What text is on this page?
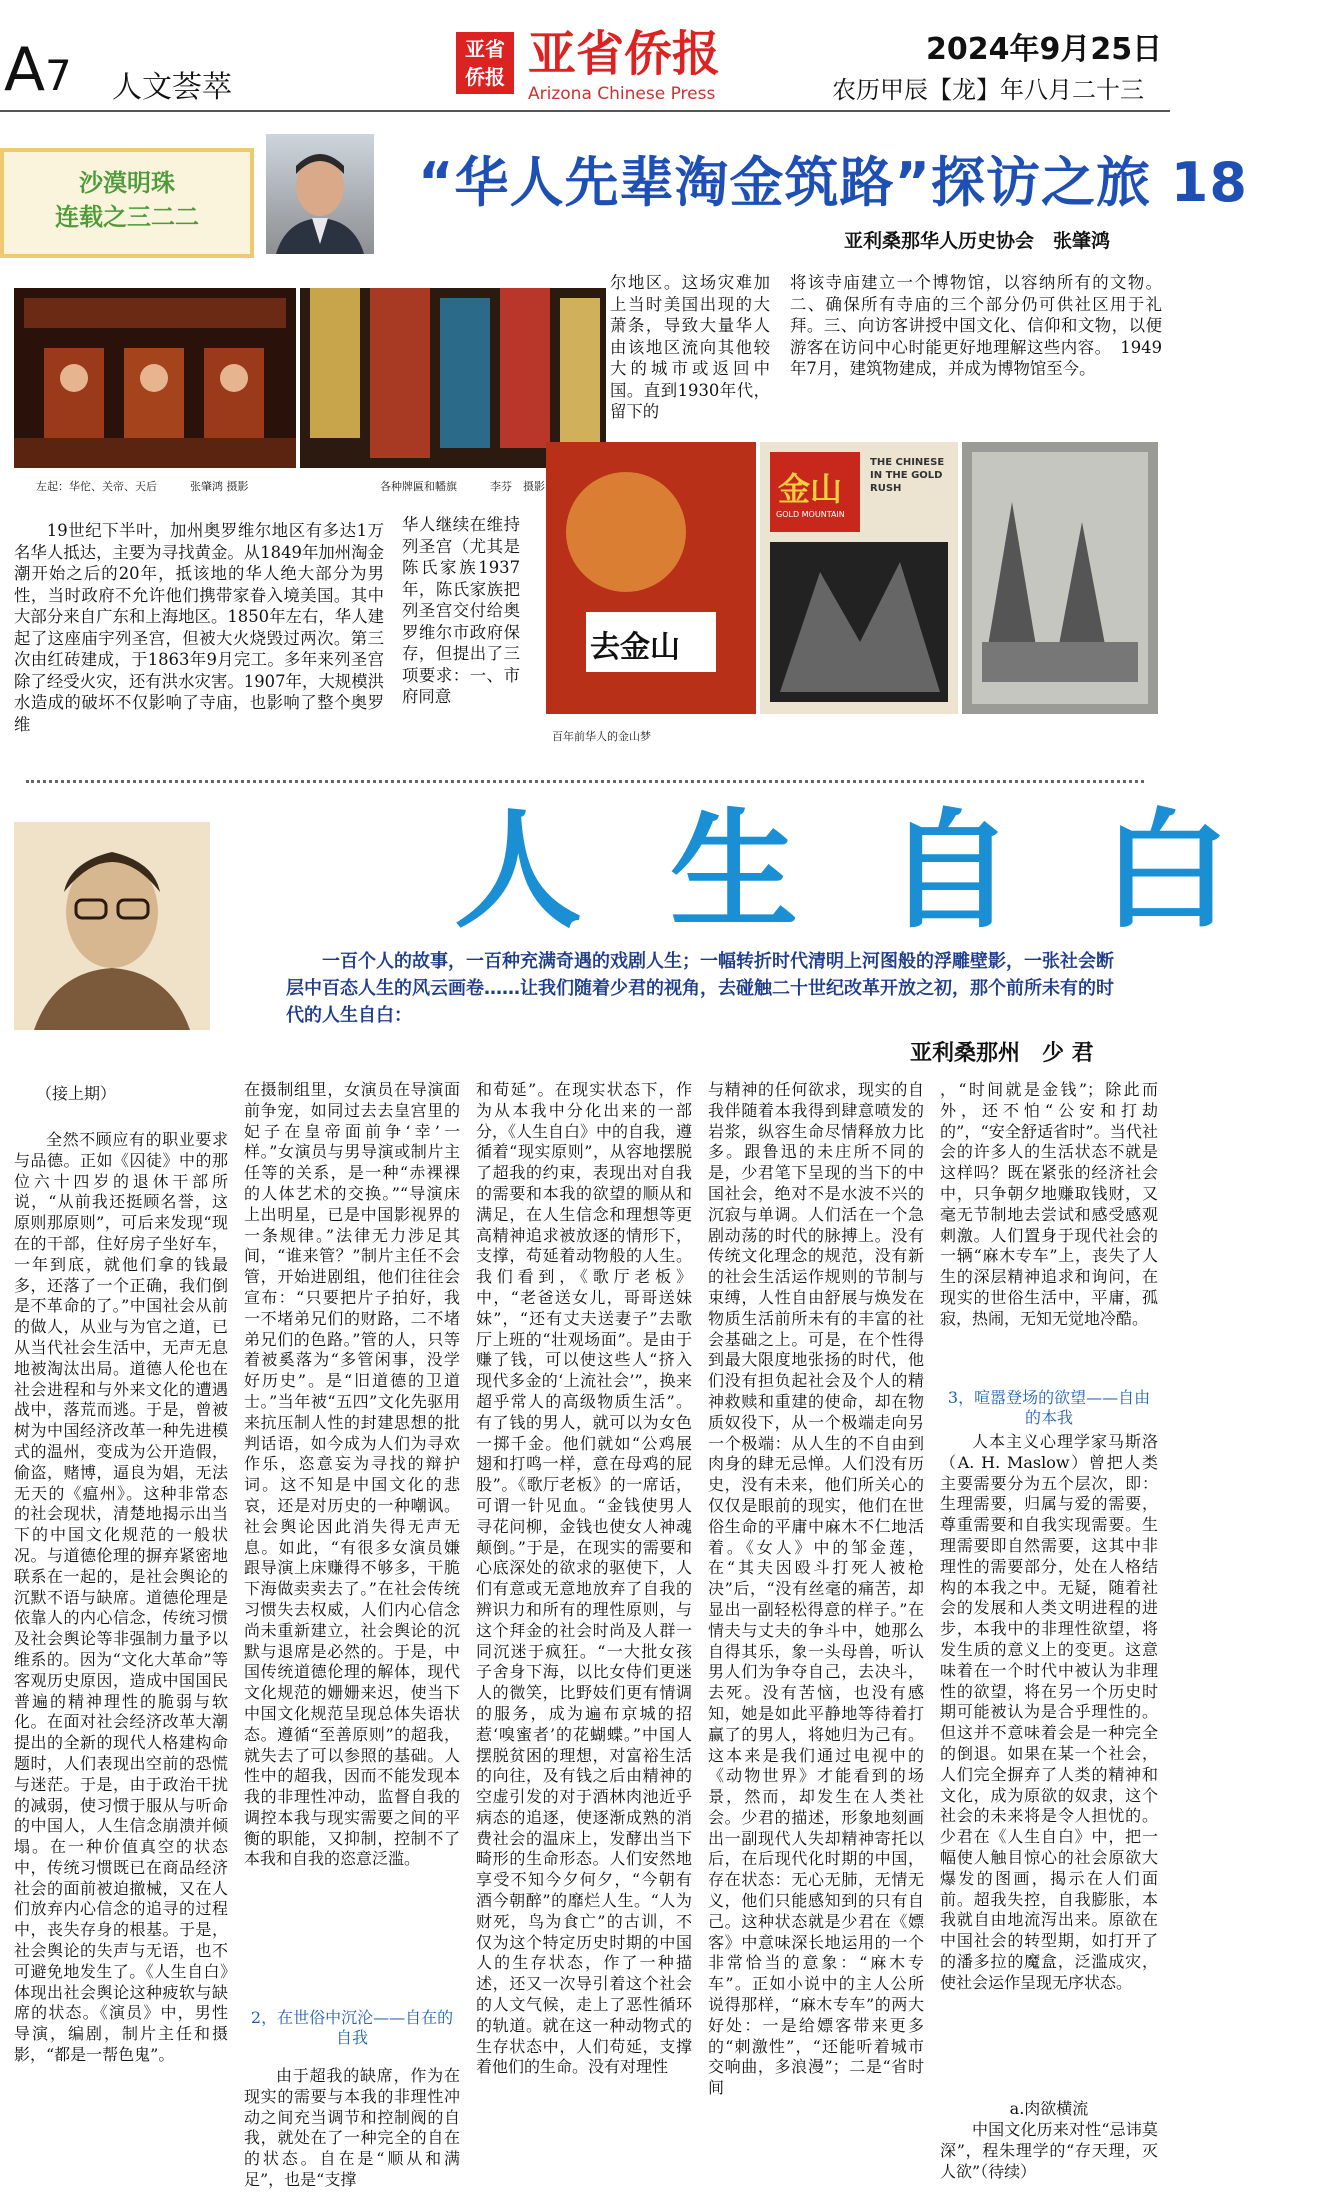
A7 人文荟萃
亚省
侨报 亚省侨报
Arizona Chinese Press
2024年9月25日
农历甲辰【龙】年八月二十三
沙漠明珠
连载之三二二
“华人先辈淘金筑路”探访之旅 18
亚利桑那华人历史协会　张肇鸿
左起：华佗、关帝、天后　　　张肇鸿 摄影	各种牌匾和幡旗　　　李芬　摄影
19世纪下半叶，加州奥罗维尔地区有多达1万名华人抵达，主要为寻找黄金。从1849年加州淘金潮开始之后的20年，抵该地的华人绝大部分为男性，当时政府不允许他们携带家眷入境美国。其中大部分来自广东和上海地区。1850年左右，华人建起了这座庙宇列圣宫，但被大火烧毁过两次。第三次由红砖建成，于1863年9月完工。多年来列圣宫除了经受火灾，还有洪水灾害。1907年，大规模洪水造成的破坏不仅影响了寺庙，也影响了整个奥罗维
华人继续在维持列圣宫（尤其是陈氏家族1937年，陈氏家族把列圣宫交付给奥罗维尔市政府保存，但提出了三项要求：一、市府同意
尔地区。这场灾难加上当时美国出现的大萧条，导致大量华人由该地区流向其他较大的城市或返回中国。直到1930年代，留下的
将该寺庙建立一个博物馆，以容纳所有的文物。二、确保所有寺庙的三个部分仍可供社区用于礼拜。三、向访客讲授中国文化、信仰和文物，以便游客在访问中心时能更好地理解这些内容。　1949年7月，建筑物建成，并成为博物馆至今。
去金山
金山
GOLD MOUNTAIN
THE CHINESE IN THE GOLD RUSH
百年前华人的金山梦
人生自白
一百个人的故事，一百种充满奇遇的戏剧人生；一幅转折时代清明上河图般的浮雕壁影，一张社会断层中百态人生的风云画卷……让我们随着少君的视角，去碰触二十世纪改革开放之初，那个前所未有的时代的人生自白：
亚利桑那州　少 君
（接上期）
全然不顾应有的职业要求与品德。正如《囚徒》中的那位六十四岁的退休干部所说，“从前我还挺顾名誉，这原则那原则”，可后来发现“现在的干部，住好房子坐好车，一年到底，就他们拿的钱最多，还落了一个正确，我们倒是不革命的了。”中国社会从前的做人，从业与为官之道，已从当代社会生活中，无声无息地被淘汰出局。道德人伦也在社会进程和与外来文化的遭遇战中，落荒而逃。于是，曾被树为中国经济改革一种先进模式的温州，变成为公开造假，偷盗，赌博，逼良为娼，无法无天的《瘟州》。这种非常态的社会现状，清楚地揭示出当下的中国文化规范的一般状况。与道德伦理的摒弃紧密地联系在一起的，是社会舆论的沉默不语与缺席。道德伦理是依靠人的内心信念，传统习惯及社会舆论等非强制力量予以维系的。因为“文化大革命”等客观历史原因，造成中国国民普遍的精神理性的脆弱与软化。在面对社会经济改革大潮提出的全新的现代人格建构命题时，人们表现出空前的恐慌与迷茫。于是，由于政治干扰的减弱，使习惯于服从与听命的中国人，人生信念崩溃并倾塌。在一种价值真空的状态中，传统习惯既已在商品经济社会的面前被迫撤械，又在人们放弃内心信念的追寻的过程中，丧失存身的根基。于是，社会舆论的失声与无语，也不可避免地发生了。《人生自白》体现出社会舆论这种疲软与缺席的状态。《演员》中，男性导演，编剧，制片主任和摄影，“都是一帮色鬼”。
在摄制组里，女演员在导演面前争宠，如同过去去皇宫里的妃子在皇帝面前争‘幸’一样。”女演员与男导演或制片主任等的关系，是一种“赤裸裸的人体艺术的交换。”“导演床上出明星，已是中国影视界的一条规律。”法律无力涉足其间，“谁来管？”制片主任不会管，开始进剧组，他们往往会宣布：“只要把片子拍好，我一不堵弟兄们的财路，二不堵弟兄们的色路。”管的人，只等着被奚落为“多管闲事，没学好历史”。是“旧道德的卫道士。”当年被“五四”文化先驱用来抗压制人性的封建思想的批判话语，如今成为人们为寻欢作乐，恣意妄为寻找的辩护词。这不知是中国文化的悲哀，还是对历史的一种嘲讽。社会舆论因此消失得无声无息。如此，“有很多女演员嫌跟导演上床赚得不够多，干脆下海做卖卖去了。”在社会传统习惯失去权威，人们内心信念尚未重新建立，社会舆论的沉默与退席是必然的。于是，中国传统道德伦理的解体，现代文化规范的姗姗来迟，使当下中国文化规范呈现总体失语状态。遵循“至善原则”的超我，就失去了可以参照的基础。人性中的超我，因而不能发现本我的非理性冲动，监督自我的调控本我与现实需要之间的平衡的职能，又抑制，控制不了本我和自我的恣意泛滥。
2，在世俗中沉沦——自在的自我
由于超我的缺席，作为在现实的需要与本我的非理性冲动之间充当调节和控制阀的自我，就处在了一种完全的自在的状态。自在是“顺从和满足”，也是“支撑
和荀延”。在现实状态下，作为从本我中分化出来的一部分，《人生自白》中的自我，遵循着“现实原则”，从容地摆脱了超我的约束，表现出对自我的需要和本我的欲望的顺从和满足，在人生信念和理想等更高精神追求被放逐的情形下，支撑，苟延着动物般的人生。我们看到，《歌厅老板》中，“老爸送女儿，哥哥送妹妹”，“还有丈夫送妻子”去歌厅上班的“壮观场面”。是由于赚了钱，可以使这些人“挤入现代多金的‘上流社会’”，换来超乎常人的高级物质生活”。有了钱的男人，就可以为女色一掷千金。他们就如“公鸡展翅和打鸣一样，意在母鸡的屁股”。《歌厅老板》的一席话，可谓一针见血。“金钱使男人寻花问柳，金钱也使女人神魂颠倒。”于是，在现实的需要和心底深处的欲求的驱使下，人们有意或无意地放弃了自我的辨识力和所有的理性原则，与这个拜金的社会时尚及人群一同沉迷于疯狂。“一大批女孩子舍身下海，以比女侍们更迷人的微笑，比野妓们更有情调的服务，成为遍布京城的招惹‘嗅蜜者’的花蝴蝶。”中国人摆脱贫困的理想，对富裕生活的向往，及有钱之后由精神的空虚引发的对于酒林肉池近乎病态的追逐，使逐渐成熟的消费社会的温床上，发酵出当下畸形的生命形态。人们安然地享受不知今夕何夕，“今朝有酒今朝醉”的靡烂人生。“人为财死，鸟为食亡”的古训，不仅为这个特定历史时期的中国人的生存状态，作了一种描述，还又一次导引着这个社会的人文气候，走上了恶性循环的轨道。就在这一种动物式的生存状态中，人们苟延，支撑着他们的生命。没有对理性
与精神的任何欲求，现实的自我伴随着本我得到肆意喷发的岩浆，纵容生命尽情释放力比多。跟鲁迅的未庄所不同的是，少君笔下呈现的当下的中国社会，绝对不是水波不兴的沉寂与单调。人们活在一个急剧动荡的时代的脉搏上。没有传统文化理念的规范，没有新的社会生活运作规则的节制与束缚，人性自由舒展与焕发在物质生活前所未有的丰富的社会基础之上。可是，在个性得到最大限度地张扬的时代，他们没有担负起社会及个人的精神救赎和重建的使命，却在物质奴役下，从一个极端走向另一个极端：从人生的不自由到肉身的肆无忌惮。人们没有历史，没有未来，他们所关心的仅仅是眼前的现实，他们在世俗生命的平庸中麻木不仁地活着。《女人》中的邹金莲，在“其夫因殴斗打死人被枪决”后，“没有丝毫的痛苦，却显出一副轻松得意的样子。”在情夫与丈夫的争斗中，她那么自得其乐，象一头母兽，听认男人们为争夺自己，去决斗，去死。没有苦恼，也没有感知，她是如此平静地等待着打赢了的男人，将她归为己有。这本来是我们通过电视中的《动物世界》才能看到的场景，然而，却发生在人类社会。少君的描述，形象地刻画出一副现代人失却精神寄托以后，在后现代化时期的中国，存在状态：无心无肺，无情无义，他们只能感知到的只有自己。这种状态就是少君在《嫖客》中意味深长地运用的一个非常恰当的意象：“麻木专车”。正如小说中的主人公所说得那样，“麻木专车”的两大好处：一是给嫖客带来更多的“刺激性”，“还能听着城市交响曲，多浪漫”；二是“省时间
，“时间就是金钱”；除此而外，还不怕“公安和打劫的”，“安全舒适省时”。当代社会的许多人的生活状态不就是这样吗？既在紧张的经济社会中，只争朝夕地赚取钱财，又毫无节制地去尝试和感受感观刺激。人们置身于现代社会的一辆“麻木专车”上，丧失了人生的深层精神追求和询问，在现实的世俗生活中，平庸，孤寂，热闹，无知无觉地冷酷。
3，喧嚣登场的欲望——自由的本我
人本主义心理学家马斯洛（A. H. Maslow）曾把人类主要需要分为五个层次，即：生理需要，归属与爱的需要，尊重需要和自我实现需要。生理需要即自然需要，这其中非理性的需要部分，处在人格结构的本我之中。无疑，随着社会的发展和人类文明进程的进步，本我中的非理性欲望，将发生质的意义上的变更。这意味着在一个时代中被认为非理性的欲望，将在另一个历史时期可能被认为是合乎理性的。但这并不意味着会是一种完全的倒退。如果在某一个社会，人们完全摒弃了人类的精神和文化，成为原欲的奴隶，这个社会的未来将是令人担忧的。少君在《人生自白》中，把一幅使人触目惊心的社会原欲大爆发的图画，揭示在人们面前。超我失控，自我膨胀，本我就自由地流泻出来。原欲在中国社会的转型期，如打开了的潘多拉的魔盒，泛滥成灾，使社会运作呈现无序状态。
a.肉欲横流
中国文化历来对性“忌讳莫深”，程朱理学的“存天理，灭人欲”（待续）
